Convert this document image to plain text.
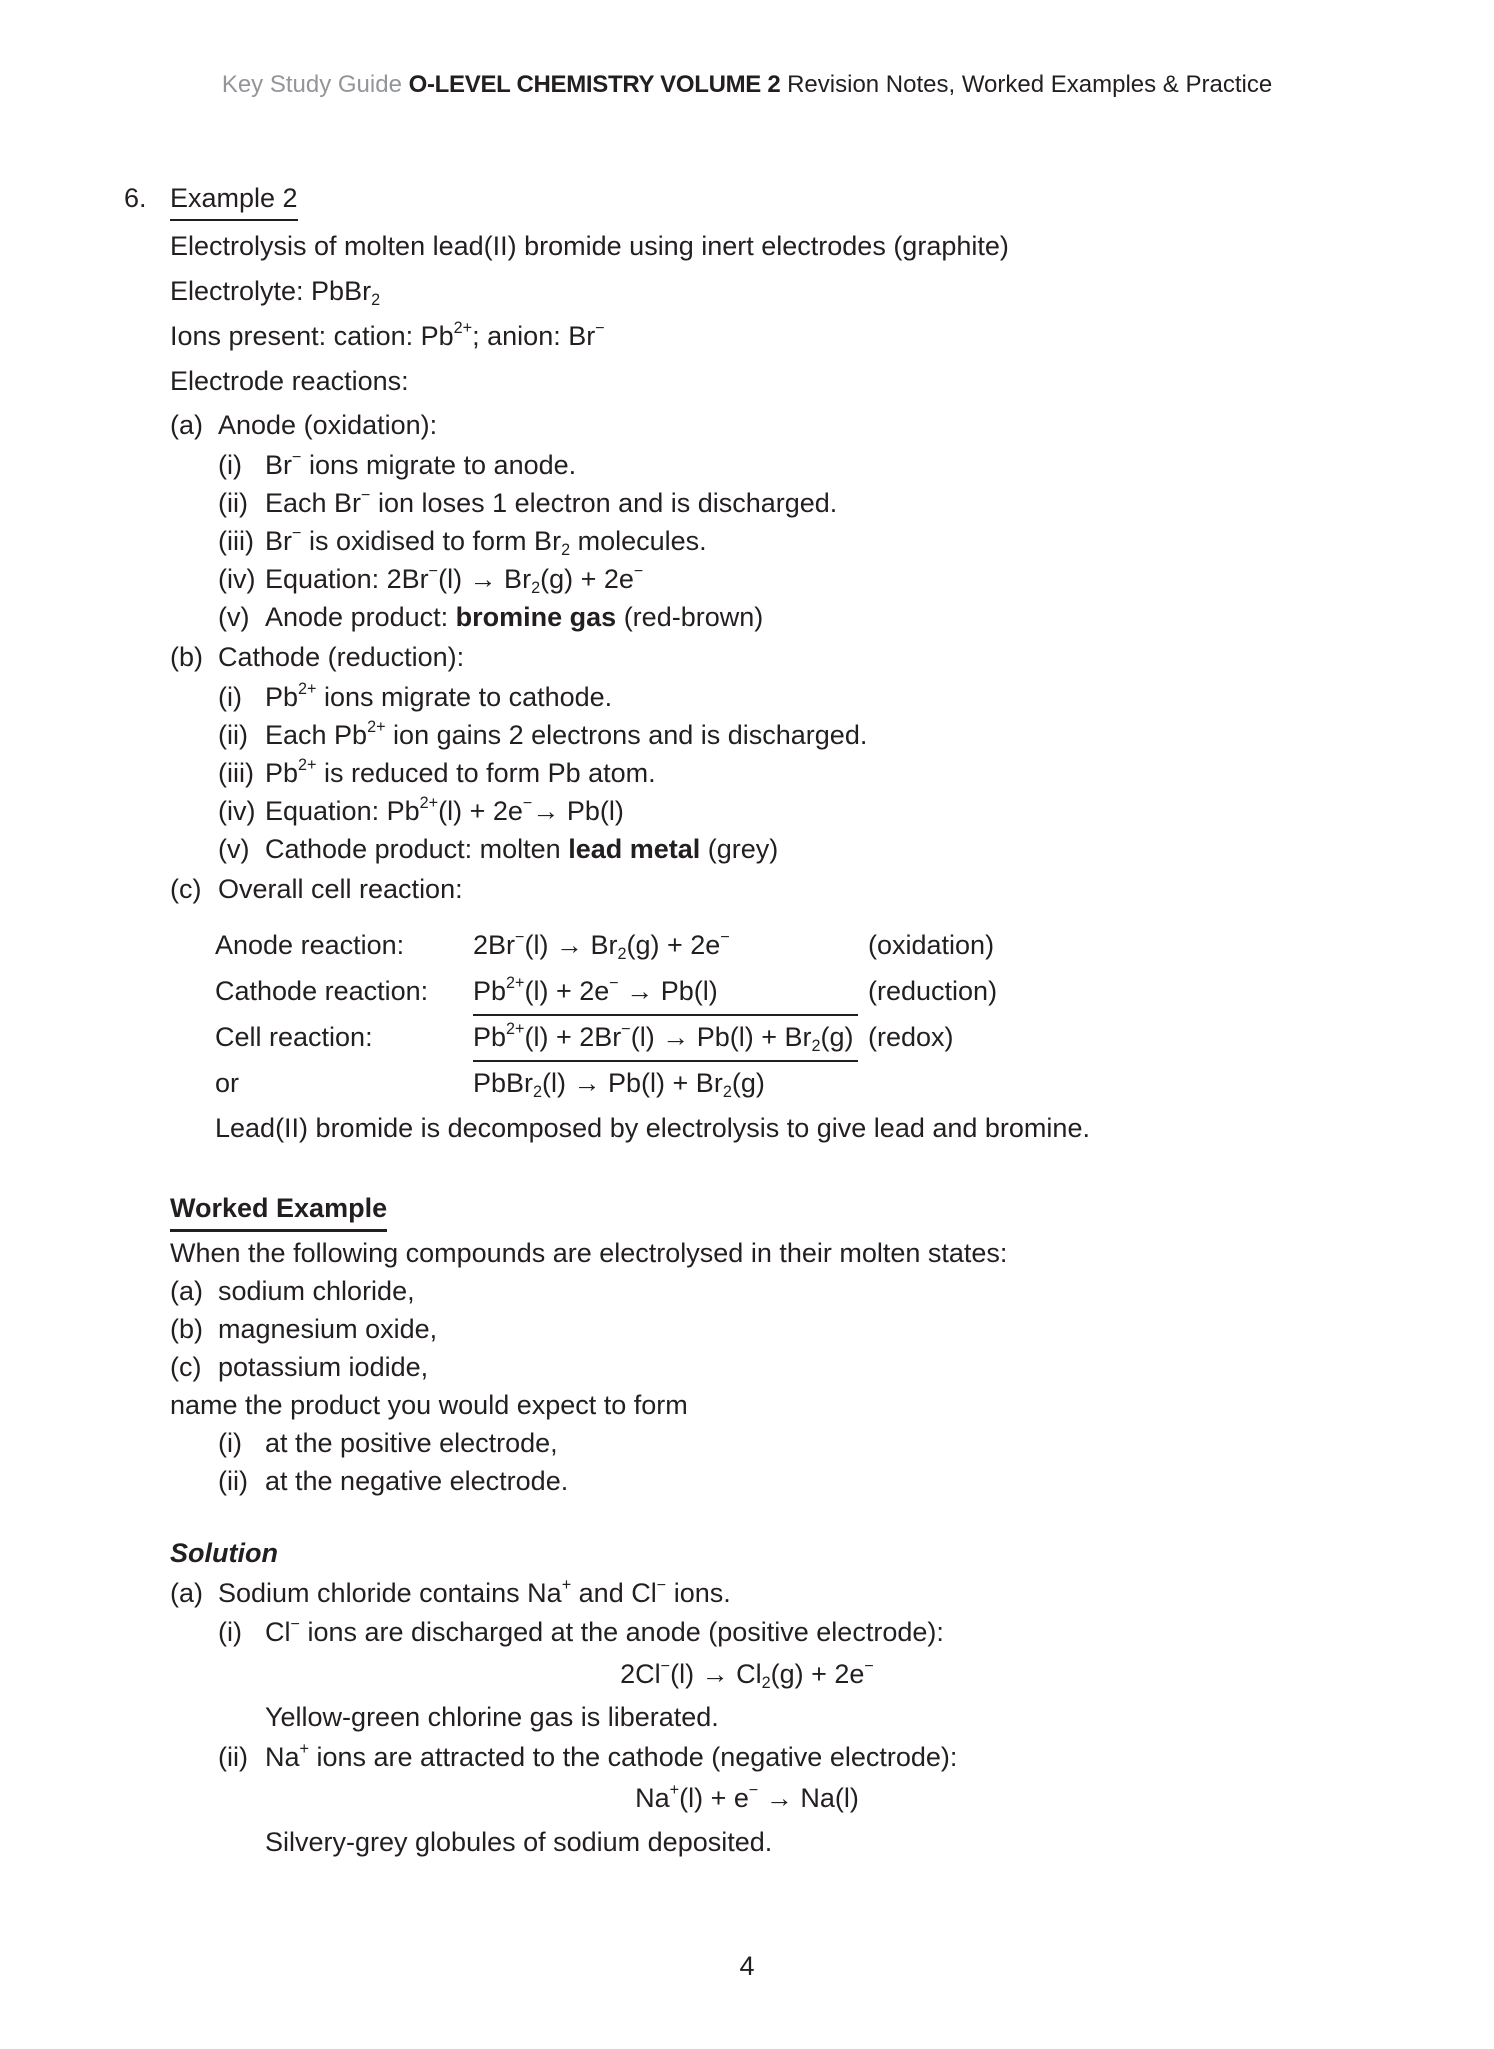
Key Study Guide O-LEVEL CHEMISTRY VOLUME 2 Revision Notes, Worked Examples & Practice
6. Example 2
Electrolysis of molten lead(II) bromide using inert electrodes (graphite)
Electrolyte: PbBr$_2$
Ions present: cation: $Pb^{2+}$; anion: Br−
Electrode reactions:
(a) Anode (oxidation):
(i) Br− ions migrate to anode.
(ii) Each Br− ion loses 1 electron and is discharged.
(iii) Br− is oxidised to form $Br_2$ molecules.
(iv) Equation: $2Br^-(l) \to Br_2(g) + 2e^-$
(v) Anode product: bromine gas (red-brown)
(b) Cathode (reduction):
(i) $Pb^{2+}$ ions migrate to cathode.
(ii) Each $Pb^{2+}$ ion gains 2 electrons and is discharged.
(iii) $Pb^{2+}$ is reduced to form Pb atom.
(iv) Equation: $Pb^{2+}(l) + 2e^-\to Pb(l)$
(v) Cathode product: molten lead metal (grey)
(c) Overall cell reaction:
Anode reaction:	$2Br^-(l) \to Br_2(g) + 2e^-$	(oxidation)
Cathode reaction: $Pb^{2+}(l) + 2e^- \to Pb(l)$	(reduction)
Cell reaction:	$Pb^{2+}(l) + 2Br^-(l) \to Pb(l) + Br_2(g)$ (redox)
or	PbBr$_2$(l) → $Pb(l) + Br_2(g)$
Lead(II) bromide is decomposed by electrolysis to give lead and bromine.
Worked Example
When the following compounds are electrolysed in their molten states:
(a) sodium chloride,
(b) magnesium oxide,
(c) potassium iodide,
name the product you would expect to form
(i) at the positive electrode,
(ii) at the negative electrode.
Solution
(a) Sodium chloride contains Na+ and Cl− ions.
(i) Cl− ions are discharged at the anode (positive electrode):
$2Cl^-(l) \to Cl_2(g) + 2e^-$
Yellow-green chlorine gas is liberated.
(ii) Na+ ions are attracted to the cathode (negative electrode):
Na+(l) + e− → Na(l)
Silvery-grey globules of sodium deposited.
4
